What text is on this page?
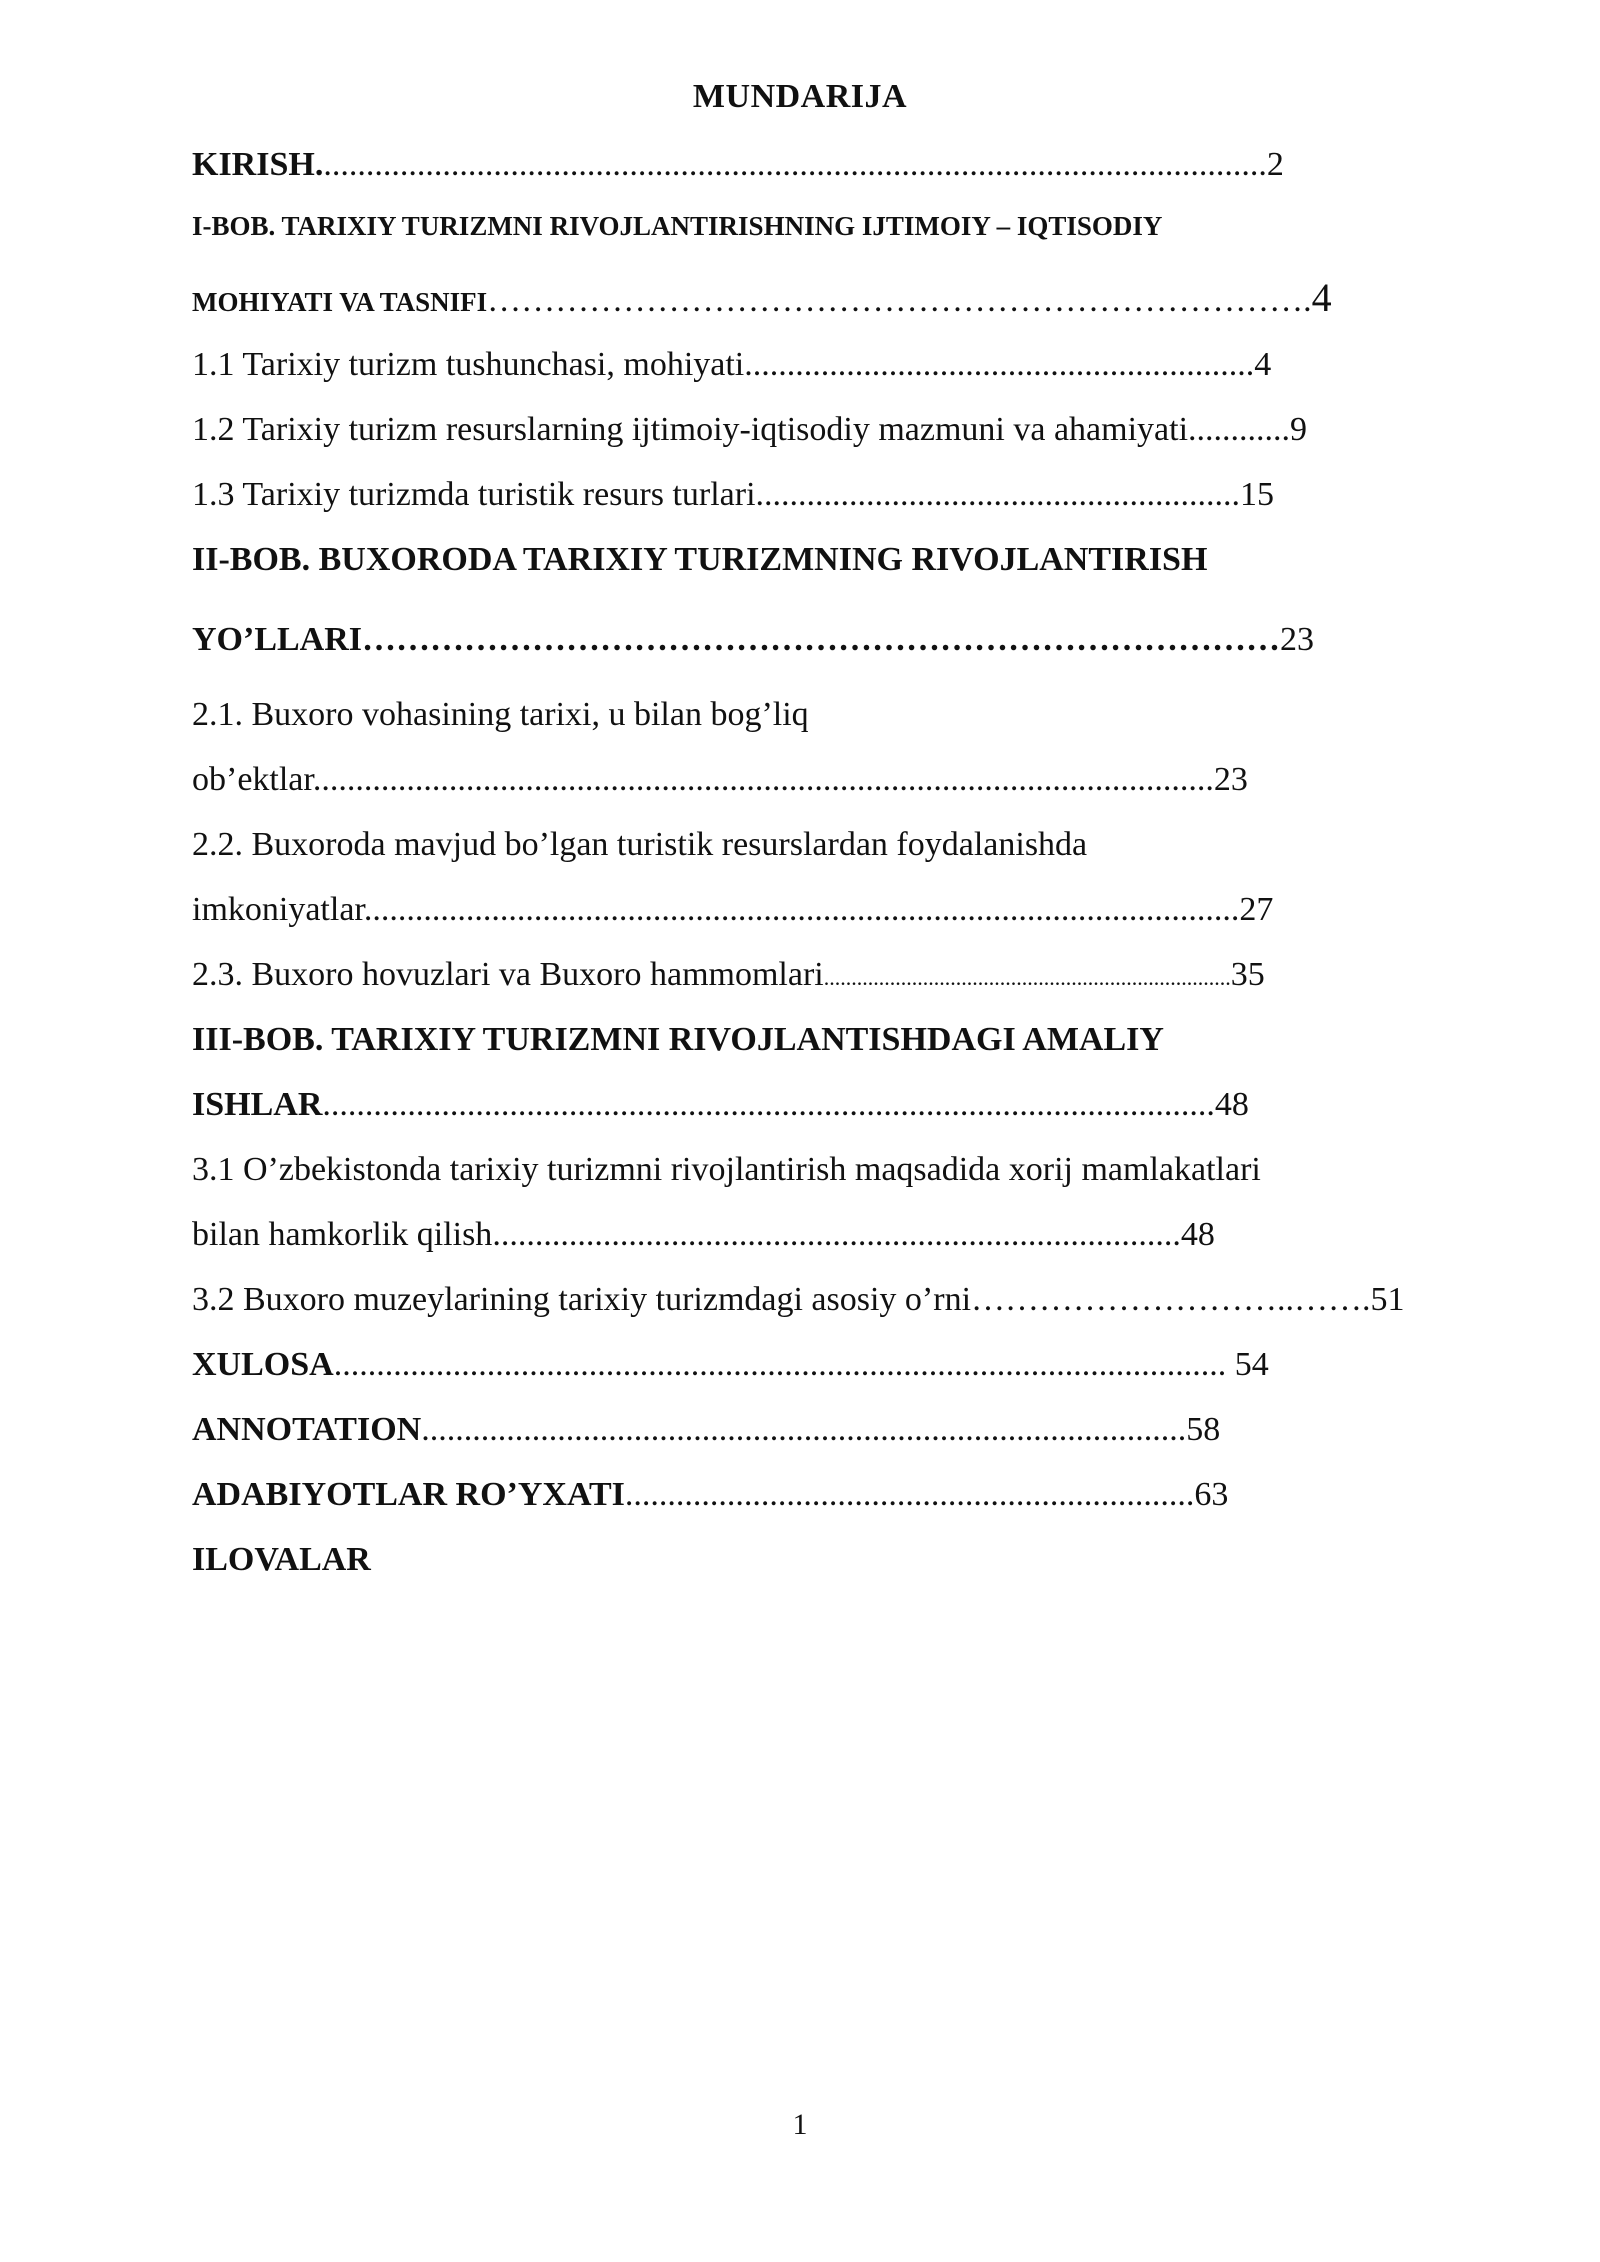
MUNDARIJA
KIRISH................................................................................................................2
I-BOB. TARIXIY TURIZMNI RIVOJLANTIRISHNING IJTIMOIY – IQTISODIY
MOHIYATI VA TASNIFI……………………………………………………………….4
1.1 Tarixiy turizm tushunchasi, mohiyati............................................................4
1.2 Tarixiy turizm resurslarning ijtimoiy-iqtisodiy mazmuni va ahamiyati............9
1.3 Tarixiy turizmda turistik resurs turlari.........................................................15
II-BOB. BUXORODA TARIXIY TURIZMNING RIVOJLANTIRISH
YO’LLARI………………………………………………………………………23
2.1. Buxoro vohasining tarixi, u bilan bog’liq
ob’ektlar..........................................................................................................23
2.2. Buxoroda mavjud bo’lgan turistik resurslardan foydalanishda
imkoniyatlar.......................................................................................................27
2.3. Buxoro hovuzlari va Buxoro hammomlari..........................................................................35
III-BOB. TARIXIY TURIZMNI RIVOJLANTISHDAGI AMALIY
ISHLAR.........................................................................................................48
3.1 O’zbekistonda tarixiy turizmni rivojlantirish maqsadida xorij mamlakatlari
bilan hamkorlik qilish.................................................................................48
3.2 Buxoro muzeylarining tarixiy turizmdagi asosiy o’rni………………………..…….51
XULOSA......................................................................................................... 54
ANNOTATION..........................................................................................58
ADABIYOTLAR RO’YXATI...................................................................63
ILOVALAR
1
